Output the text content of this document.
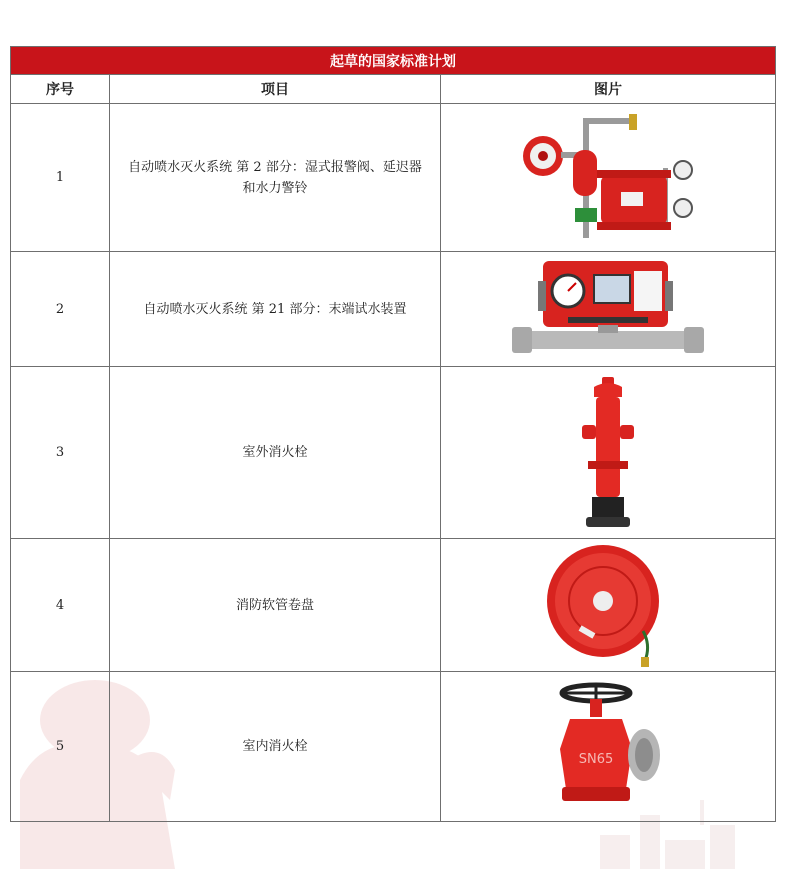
起草的国家标准计划		
序号	项目	图片
1	自动喷水灭火系统 第 2 部分：湿式报警阀、延迟器
和水力警铃	

2	自动喷水灭火系统 第 21 部分：末端试水装置	

3	室外消火栓	

4	消防软管卷盘	

5	室内消火栓	SN65
